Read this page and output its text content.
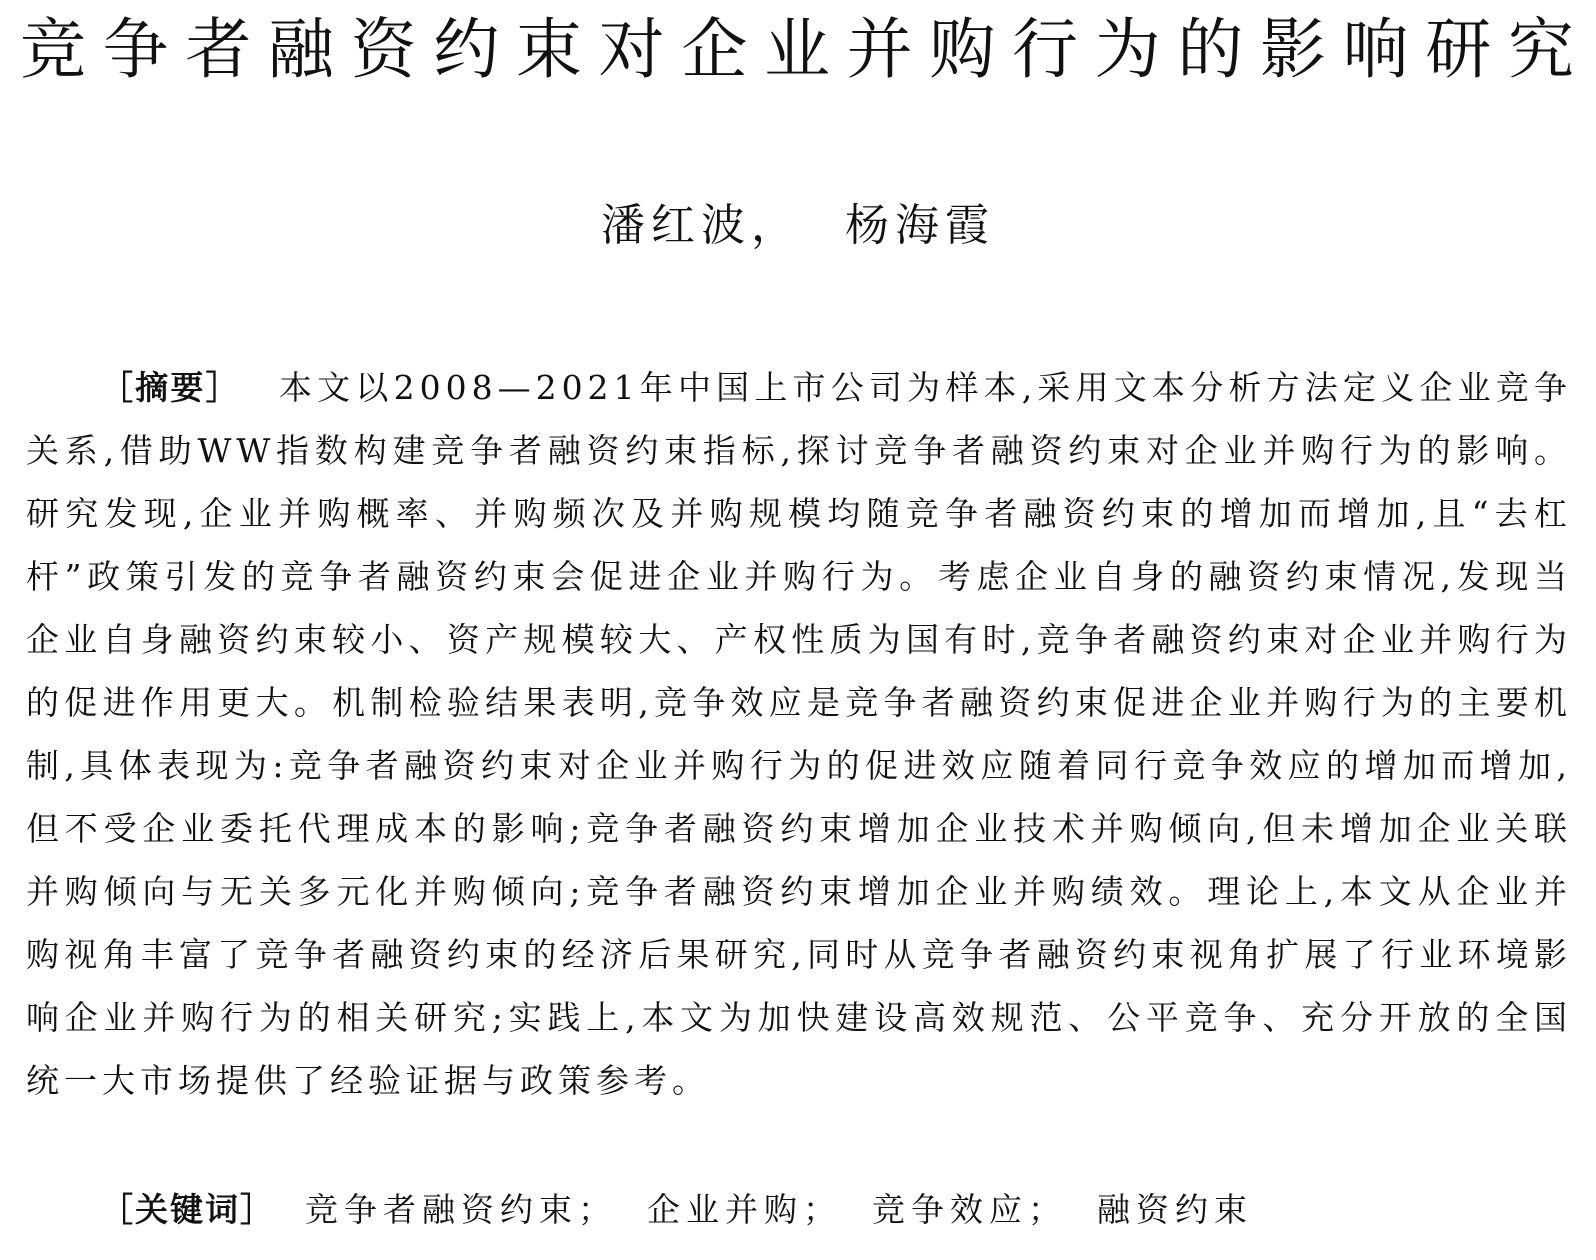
竞争者融资约束对企业并购行为的影响研究
潘红波， 杨海霞

［摘要］ 本文以2008—2021年中国上市公司为样本,采用文本分析方法定义企业竞争关系,借助WW指数构建竞争者融资约束指标,探讨竞争者融资约束对企业并购行为的影响。研究发现,企业并购概率、并购频次及并购规模均随竞争者融资约束的增加而增加,且“去杠杆”政策引发的竞争者融资约束会促进企业并购行为。考虑企业自身的融资约束情况,发现当企业自身融资约束较小、资产规模较大、产权性质为国有时,竞争者融资约束对企业并购行为的促进作用更大。机制检验结果表明,竞争效应是竞争者融资约束促进企业并购行为的主要机制,具体表现为:竞争者融资约束对企业并购行为的促进效应随着同行竞争效应的增加而增加,但不受企业委托代理成本的影响;竞争者融资约束增加企业技术并购倾向,但未增加企业关联并购倾向与无关多元化并购倾向;竞争者融资约束增加企业并购绩效。理论上,本文从企业并购视角丰富了竞争者融资约束的经济后果研究,同时从竞争者融资约束视角扩展了行业环境影响企业并购行为的相关研究;实践上,本文为加快建设高效规范、公平竞争、充分开放的全国统一大市场提供了经验证据与政策参考。

［关键词］ 竞争者融资约束； 企业并购； 竞争效应； 融资约束
